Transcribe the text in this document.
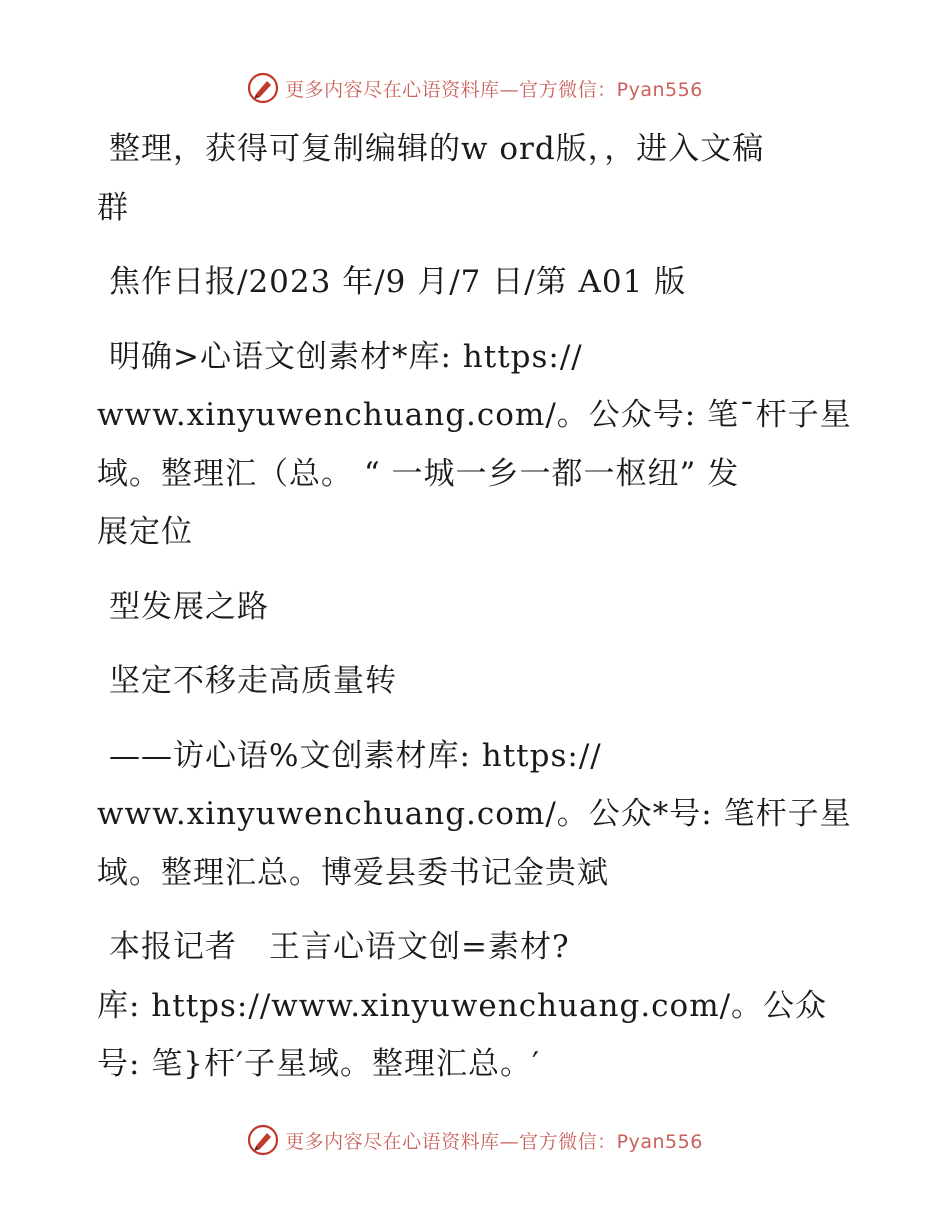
更多内容尽在心语资料库—官方微信：Pyan556

整理，获得可复制编辑的w ord版，，进入文稿

群

焦作日报/2023 年/9 月/7 日/第 A01 版

明确>心语文创素材*库: https://

www.xinyuwenchuang.com/。公众号: 笔¯杆子星

域。整理汇（总。 “ 一城一乡一都一枢纽” 发

展定位

型发展之路

坚定不移走高质量转

——访心语%文创素材库: https://

www.xinyuwenchuang.com/。公众*号: 笔杆子星

域。整理汇总。博爱县委书记金贵斌

本报记者　王言心语文创=素材?

库: https://www.xinyuwenchuang.com/。公众

号: 笔}杆′子星域。整理汇总。′

更多内容尽在心语资料库—官方微信：Pyan556
